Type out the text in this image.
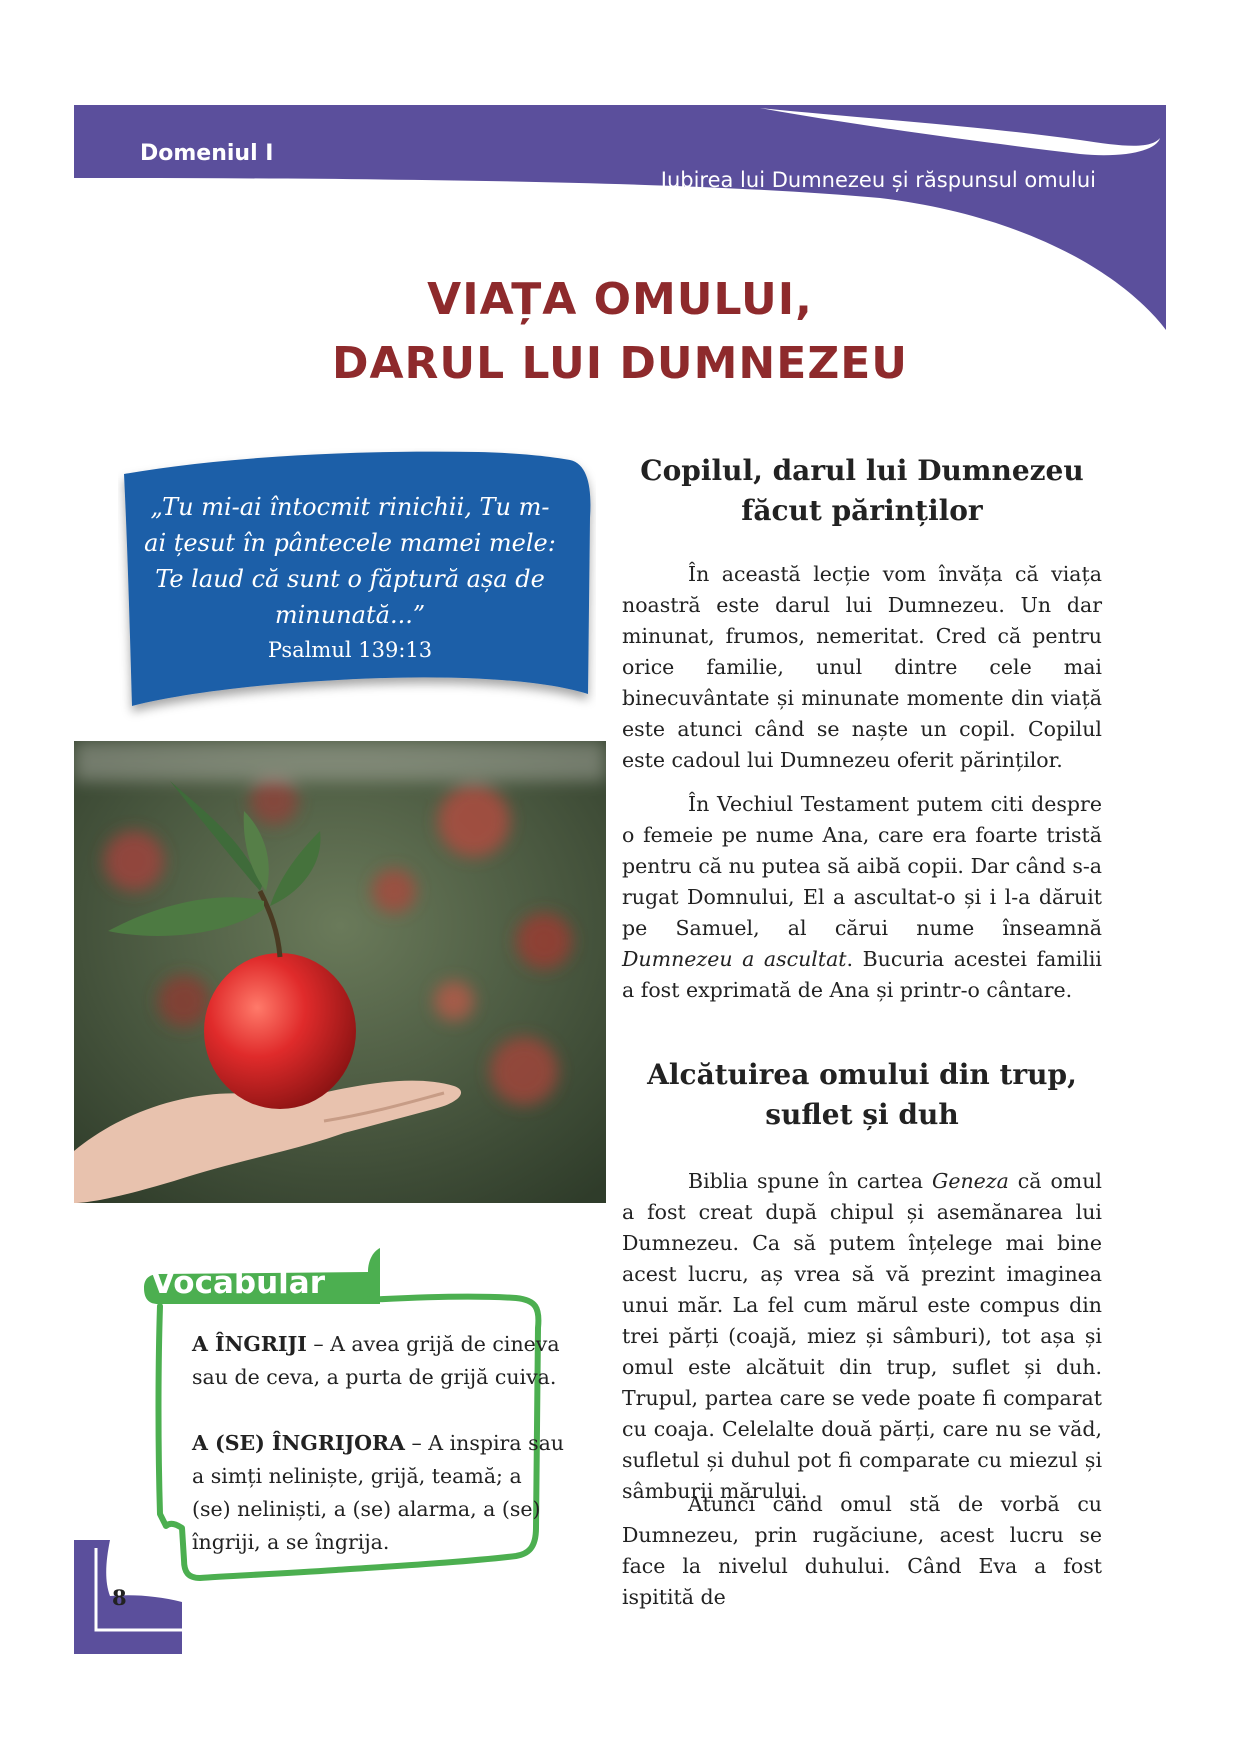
Domeniul I
Iubirea lui Dumnezeu și răspunsul omului
VIAȚA OMULUI,
DARUL LUI DUMNEZEU

„Tu mi-ai întocmit rinichii, Tu m-ai țesut în pântecele mamei mele: Te laud că sunt o făptură așa de minunată...”

Psalmul 139:13
Vocabular

A ÎNGRIJI – A avea grijă de cineva sau de ceva, a purta de grijă cuiva.

A (SE) ÎNGRIJORA – A inspira sau a simți neliniște, grijă, teamă; a (se) neliniști, a (se) alarma, a (se) îngriji, a se îngrija.

8
Copilul, darul lui Dumnezeu
făcut părinților

În această lecție vom învăța că viața noastră este darul lui Dumnezeu. Un dar minunat, frumos, nemeritat. Cred că pentru orice familie, unul dintre cele mai binecuvântate și minunate momente din viață este atunci când se naște un copil. Copilul este cadoul lui Dumnezeu oferit părinților.

În Vechiul Testament putem citi despre o femeie pe nume Ana, care era foarte tristă pentru că nu putea să aibă copii. Dar când s-a rugat Domnului, El a ascultat-o și i l-a dăruit pe Samuel, al cărui nume înseamnă Dumnezeu a ascultat. Bucuria acestei familii a fost exprimată de Ana și printr-o cântare.

Alcătuirea omului din trup,
suflet și duh

Biblia spune în cartea Geneza că omul a fost creat după chipul și asemănarea lui Dumnezeu. Ca să putem înțelege mai bine acest lucru, aș vrea să vă prezint imaginea unui măr. La fel cum mărul este compus din trei părți (coajă, miez și sâmburi), tot așa și omul este alcătuit din trup, suflet și duh. Trupul, partea care se vede poate fi comparat cu coaja. Celelalte două părți, care nu se văd, sufletul și duhul pot fi comparate cu miezul și sâmburii mărului.

Atunci când omul stă de vorbă cu Dumnezeu, prin rugăciune, acest lucru se face la nivelul duhului. Când Eva a fost ispitită de
